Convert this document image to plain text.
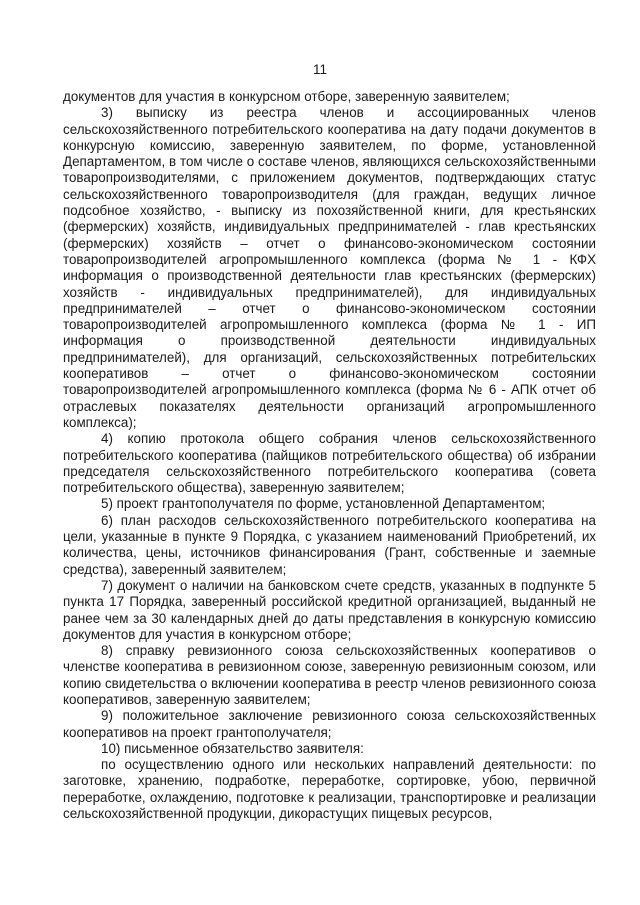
11

документов для участия в конкурсном отборе, заверенную заявителем;

3) выписку из реестра членов и ассоциированных членов сельскохозяйственного потребительского кооператива на дату подачи документов в конкурсную комиссию, заверенную заявителем, по форме, установленной Департаментом, в том числе о составе членов, являющихся сельскохозяйственными товаропроизводителями, с приложением документов, подтверждающих статус сельскохозяйственного товаропроизводителя (для граждан, ведущих личное подсобное хозяйство, - выписку из похозяйственной книги, для крестьянских (фермерских) хозяйств, индивидуальных предпринимателей - глав крестьянских (фермерских) хозяйств – отчет о финансово-экономическом состоянии товаропроизводителей агропромышленного комплекса (форма № 1 - КФХ информация о производственной деятельности глав крестьянских (фермерских) хозяйств - индивидуальных предпринимателей), для индивидуальных предпринимателей – отчет о финансово-экономическом состоянии товаропроизводителей агропромышленного комплекса (форма № 1 - ИП информация о производственной деятельности индивидуальных предпринимателей), для организаций, сельскохозяйственных потребительских кооперативов – отчет о финансово-экономическом состоянии товаропроизводителей агропромышленного комплекса (форма № 6 - АПК отчет об отраслевых показателях деятельности организаций агропромышленного комплекса);

4) копию протокола общего собрания членов сельскохозяйственного потребительского кооператива (пайщиков потребительского общества) об избрании председателя сельскохозяйственного потребительского кооператива (совета потребительского общества), заверенную заявителем;

5) проект грантополучателя по форме, установленной Департаментом;

6) план расходов сельскохозяйственного потребительского кооператива на цели, указанные в пункте 9 Порядка, с указанием наименований Приобретений, их количества, цены, источников финансирования (Грант, собственные и заемные средства), заверенный заявителем;

7) документ о наличии на банковском счете средств, указанных в подпункте 5 пункта 17 Порядка, заверенный российской кредитной организацией, выданный не ранее чем за 30 календарных дней до даты представления в конкурсную комиссию документов для участия в конкурсном отборе;

8) справку ревизионного союза сельскохозяйственных кооперативов о членстве кооператива в ревизионном союзе, заверенную ревизионным союзом, или копию свидетельства о включении кооператива в реестр членов ревизионного союза кооперативов, заверенную заявителем;

9) положительное заключение ревизионного союза сельскохозяйственных кооперативов на проект грантополучателя;

10) письменное обязательство заявителя:

по осуществлению одного или нескольких направлений деятельности: по заготовке, хранению, подработке, переработке, сортировке, убою, первичной переработке, охлаждению, подготовке к реализации, транспортировке и реализации сельскохозяйственной продукции, дикорастущих пищевых ресурсов,
